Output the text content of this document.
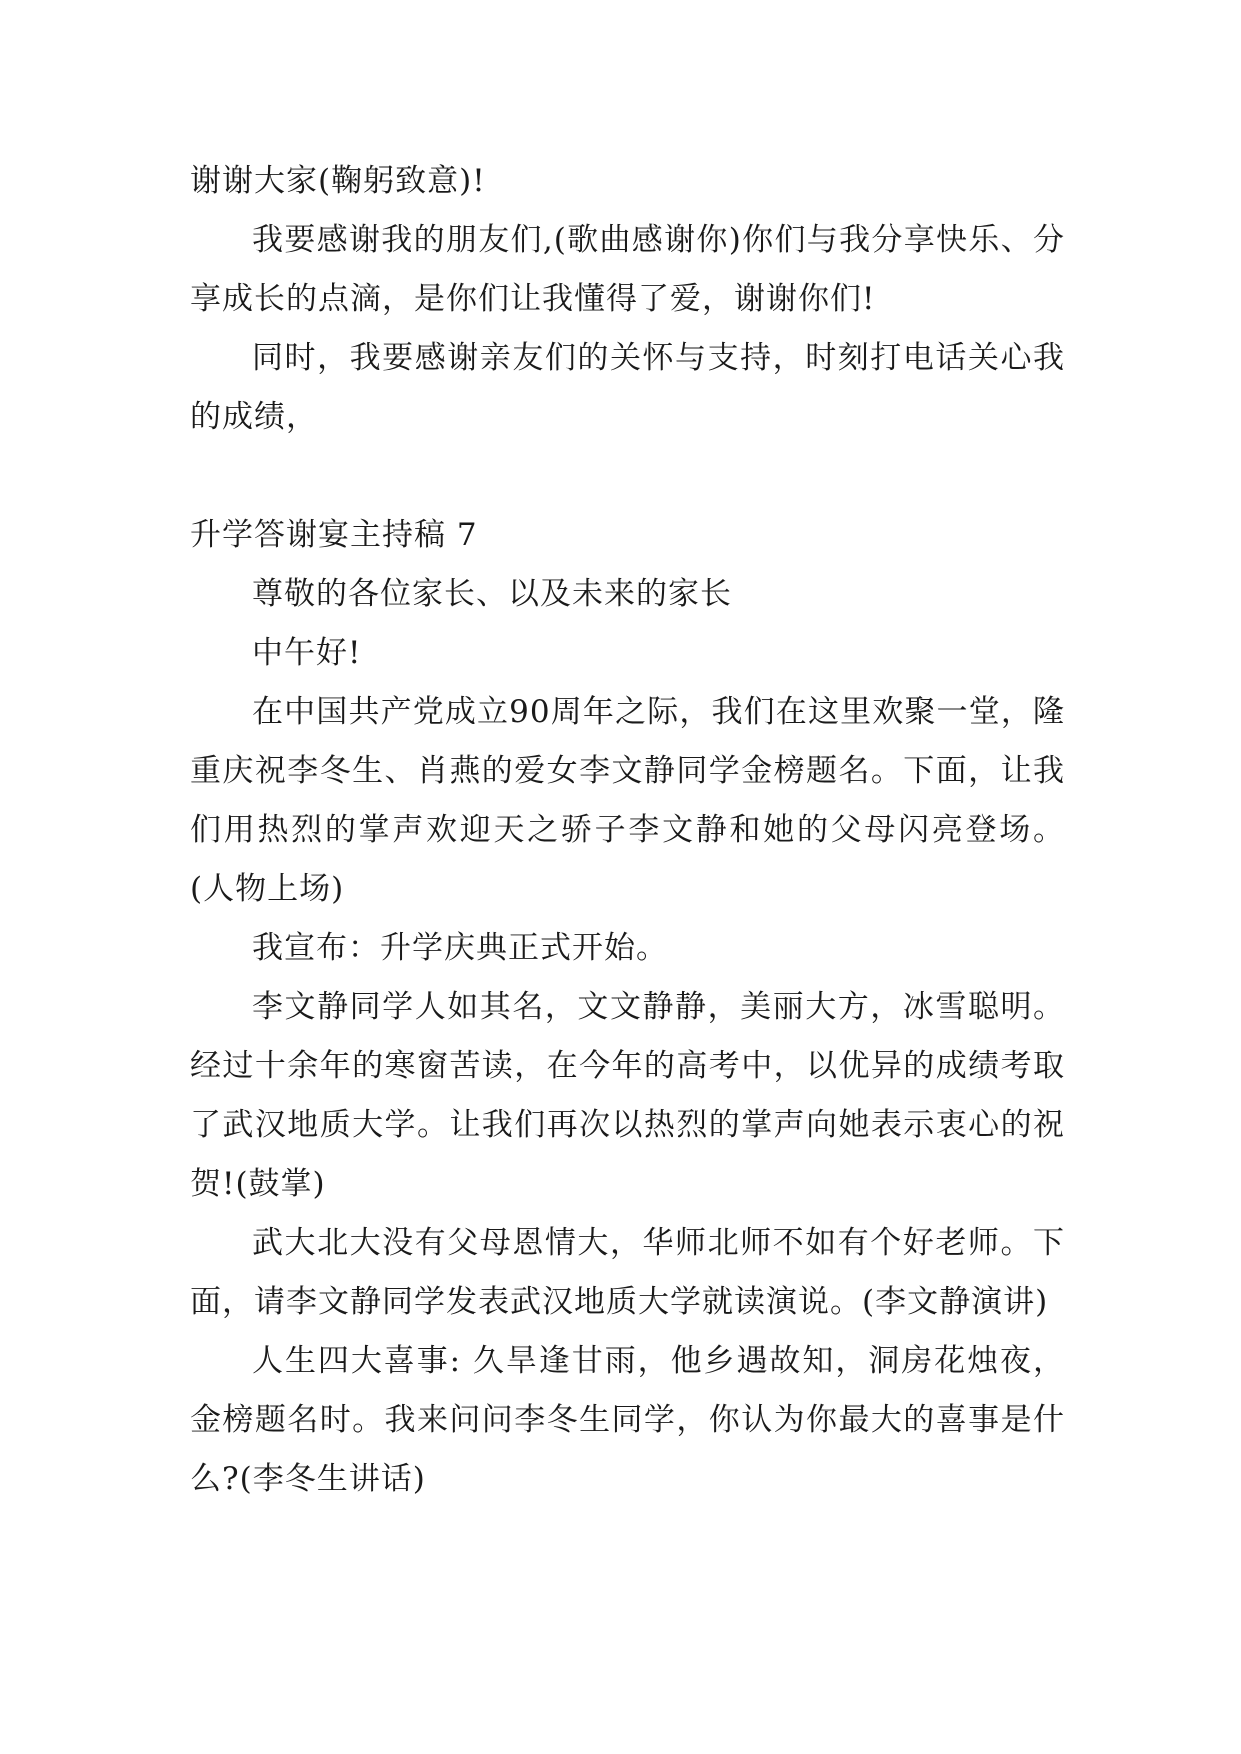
谢谢大家(鞠躬致意)!

我要感谢我的朋友们,(歌曲感谢你)你们与我分享快乐、分享成长的点滴，是你们让我懂得了爱，谢谢你们!

同时，我要感谢亲友们的关怀与支持，时刻打电话关心我的成绩，

升学答谢宴主持稿 7

尊敬的各位家长、以及未来的家长

中午好!

在中国共产党成立90周年之际，我们在这里欢聚一堂，隆重庆祝李冬生、肖燕的爱女李文静同学金榜题名。下面，让我们用热烈的掌声欢迎天之骄子李文静和她的父母闪亮登场。(人物上场)

我宣布：升学庆典正式开始。

李文静同学人如其名，文文静静，美丽大方，冰雪聪明。经过十余年的寒窗苦读，在今年的高考中，以优异的成绩考取了武汉地质大学。让我们再次以热烈的掌声向她表示衷心的祝贺!(鼓掌)

武大北大没有父母恩情大，华师北师不如有个好老师。下面，请李文静同学发表武汉地质大学就读演说。(李文静演讲)

人生四大喜事: 久旱逢甘雨，他乡遇故知，洞房花烛夜，金榜题名时。我来问问李冬生同学，你认为你最大的喜事是什么?(李冬生讲话)
